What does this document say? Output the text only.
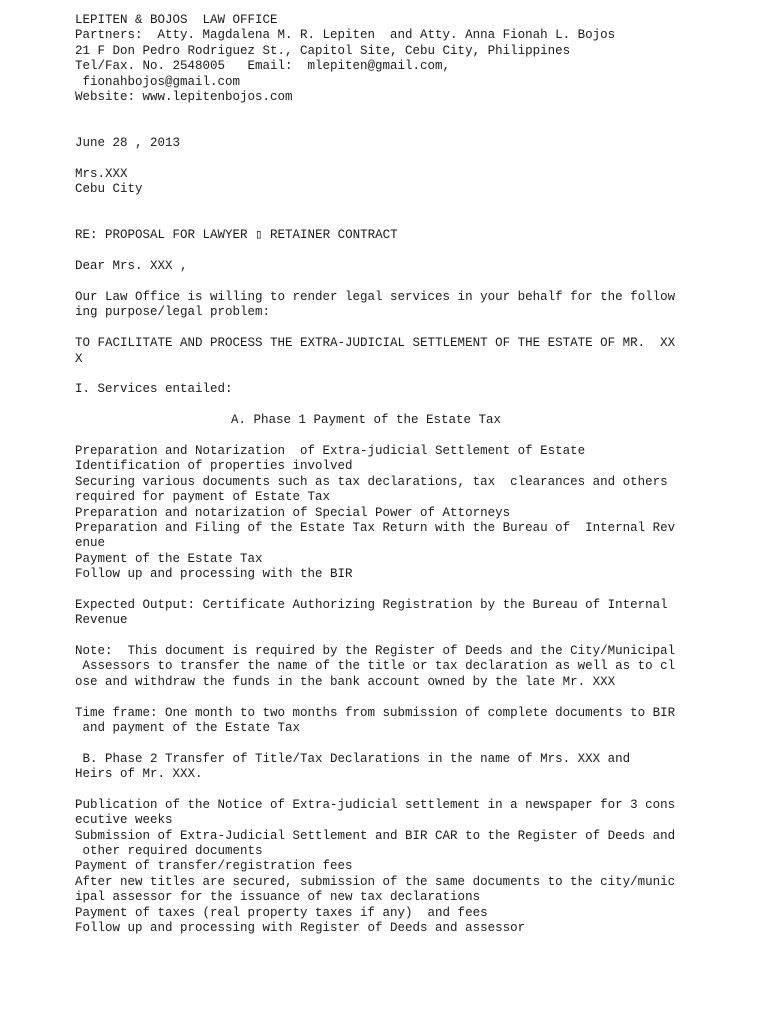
LEPITEN & BOJOS  LAW OFFICE
Partners:  Atty. Magdalena M. R. Lepiten  and Atty. Anna Fionah L. Bojos
21 F Don Pedro Rodriguez St., Capitol Site, Cebu City, Philippines
Tel/Fax. No. 2548005   Email:  mlepiten@gmail.com,
fionahbojos@gmail.com
Website: www.lepitenbojos.com
June 28 , 2013
Mrs.XXX
Cebu City
RE: PROPOSAL FOR LAWYER ▯ RETAINER CONTRACT
Dear Mrs. XXX ,
Our Law Office is willing to render legal services in your behalf for the follow
ing purpose/legal problem:
TO FACILITATE AND PROCESS THE EXTRA-JUDICIAL SETTLEMENT OF THE ESTATE OF MR.  XX
X
I. Services entailed:
A. Phase 1 Payment of the Estate Tax
Preparation and Notarization  of Extra-judicial Settlement of Estate
Identification of properties involved
Securing various documents such as tax declarations, tax  clearances and others
required for payment of Estate Tax
Preparation and notarization of Special Power of Attorneys
Preparation and Filing of the Estate Tax Return with the Bureau of  Internal Rev
enue
Payment of the Estate Tax
Follow up and processing with the BIR
Expected Output: Certificate Authorizing Registration by the Bureau of Internal
Revenue
Note:  This document is required by the Register of Deeds and the City/Municipal
Assessors to transfer the name of the title or tax declaration as well as to cl
ose and withdraw the funds in the bank account owned by the late Mr. XXX
Time frame: One month to two months from submission of complete documents to BIR
and payment of the Estate Tax
B. Phase 2 Transfer of Title/Tax Declarations in the name of Mrs. XXX and
Heirs of Mr. XXX.
Publication of the Notice of Extra-judicial settlement in a newspaper for 3 cons
ecutive weeks
Submission of Extra-Judicial Settlement and BIR CAR to the Register of Deeds and
other required documents
Payment of transfer/registration fees
After new titles are secured, submission of the same documents to the city/munic
ipal assessor for the issuance of new tax declarations
Payment of taxes (real property taxes if any)  and fees
Follow up and processing with Register of Deeds and assessor
